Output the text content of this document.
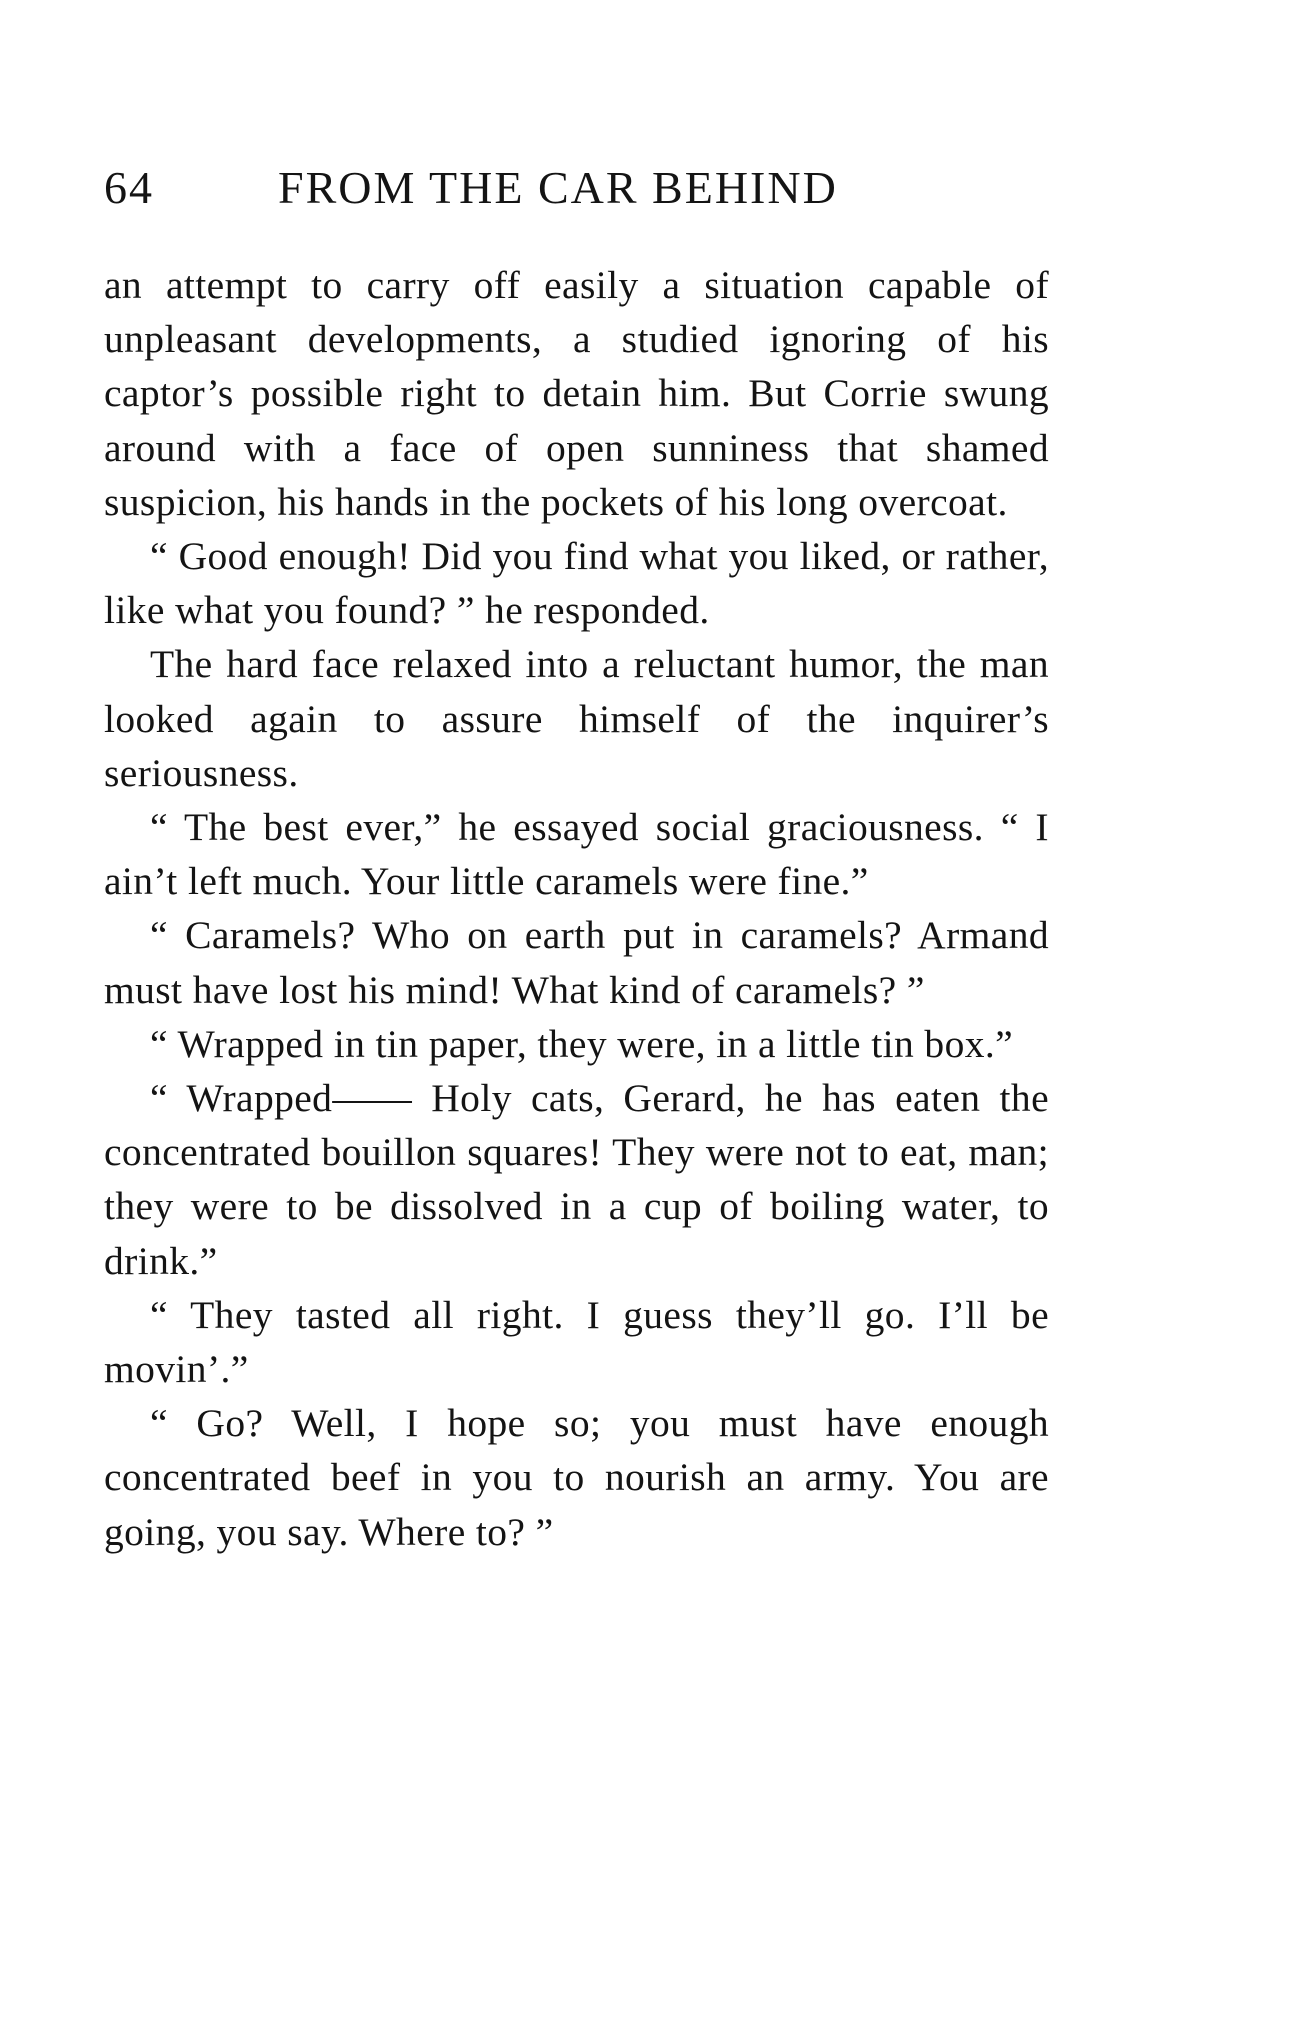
64	FROM THE CAR BEHIND

an attempt to carry off easily a situation capable of unpleasant developments, a studied ignoring of his captor’s possible right to detain him. But Corrie swung around with a face of open sunniness that shamed suspicion, his hands in the pockets of his long overcoat.

“ Good enough! Did you find what you liked, or rather, like what you found? ” he responded.

The hard face relaxed into a reluctant humor, the man looked again to assure himself of the inquirer’s seriousness.

“ The best ever,” he essayed social graciousness. “ I ain’t left much. Your little caramels were fine.”

“ Caramels? Who on earth put in caramels? Armand must have lost his mind! What kind of caramels? ”

“ Wrapped in tin paper, they were, in a little tin box.”

“ Wrapped—— Holy cats, Gerard, he has eaten the concentrated bouillon squares! They were not to eat, man; they were to be dissolved in a cup of boiling water, to drink.”

“ They tasted all right. I guess they’ll go. I’ll be movin’.”

“ Go? Well, I hope so; you must have enough concentrated beef in you to nourish an army. You are going, you say. Where to? ”
